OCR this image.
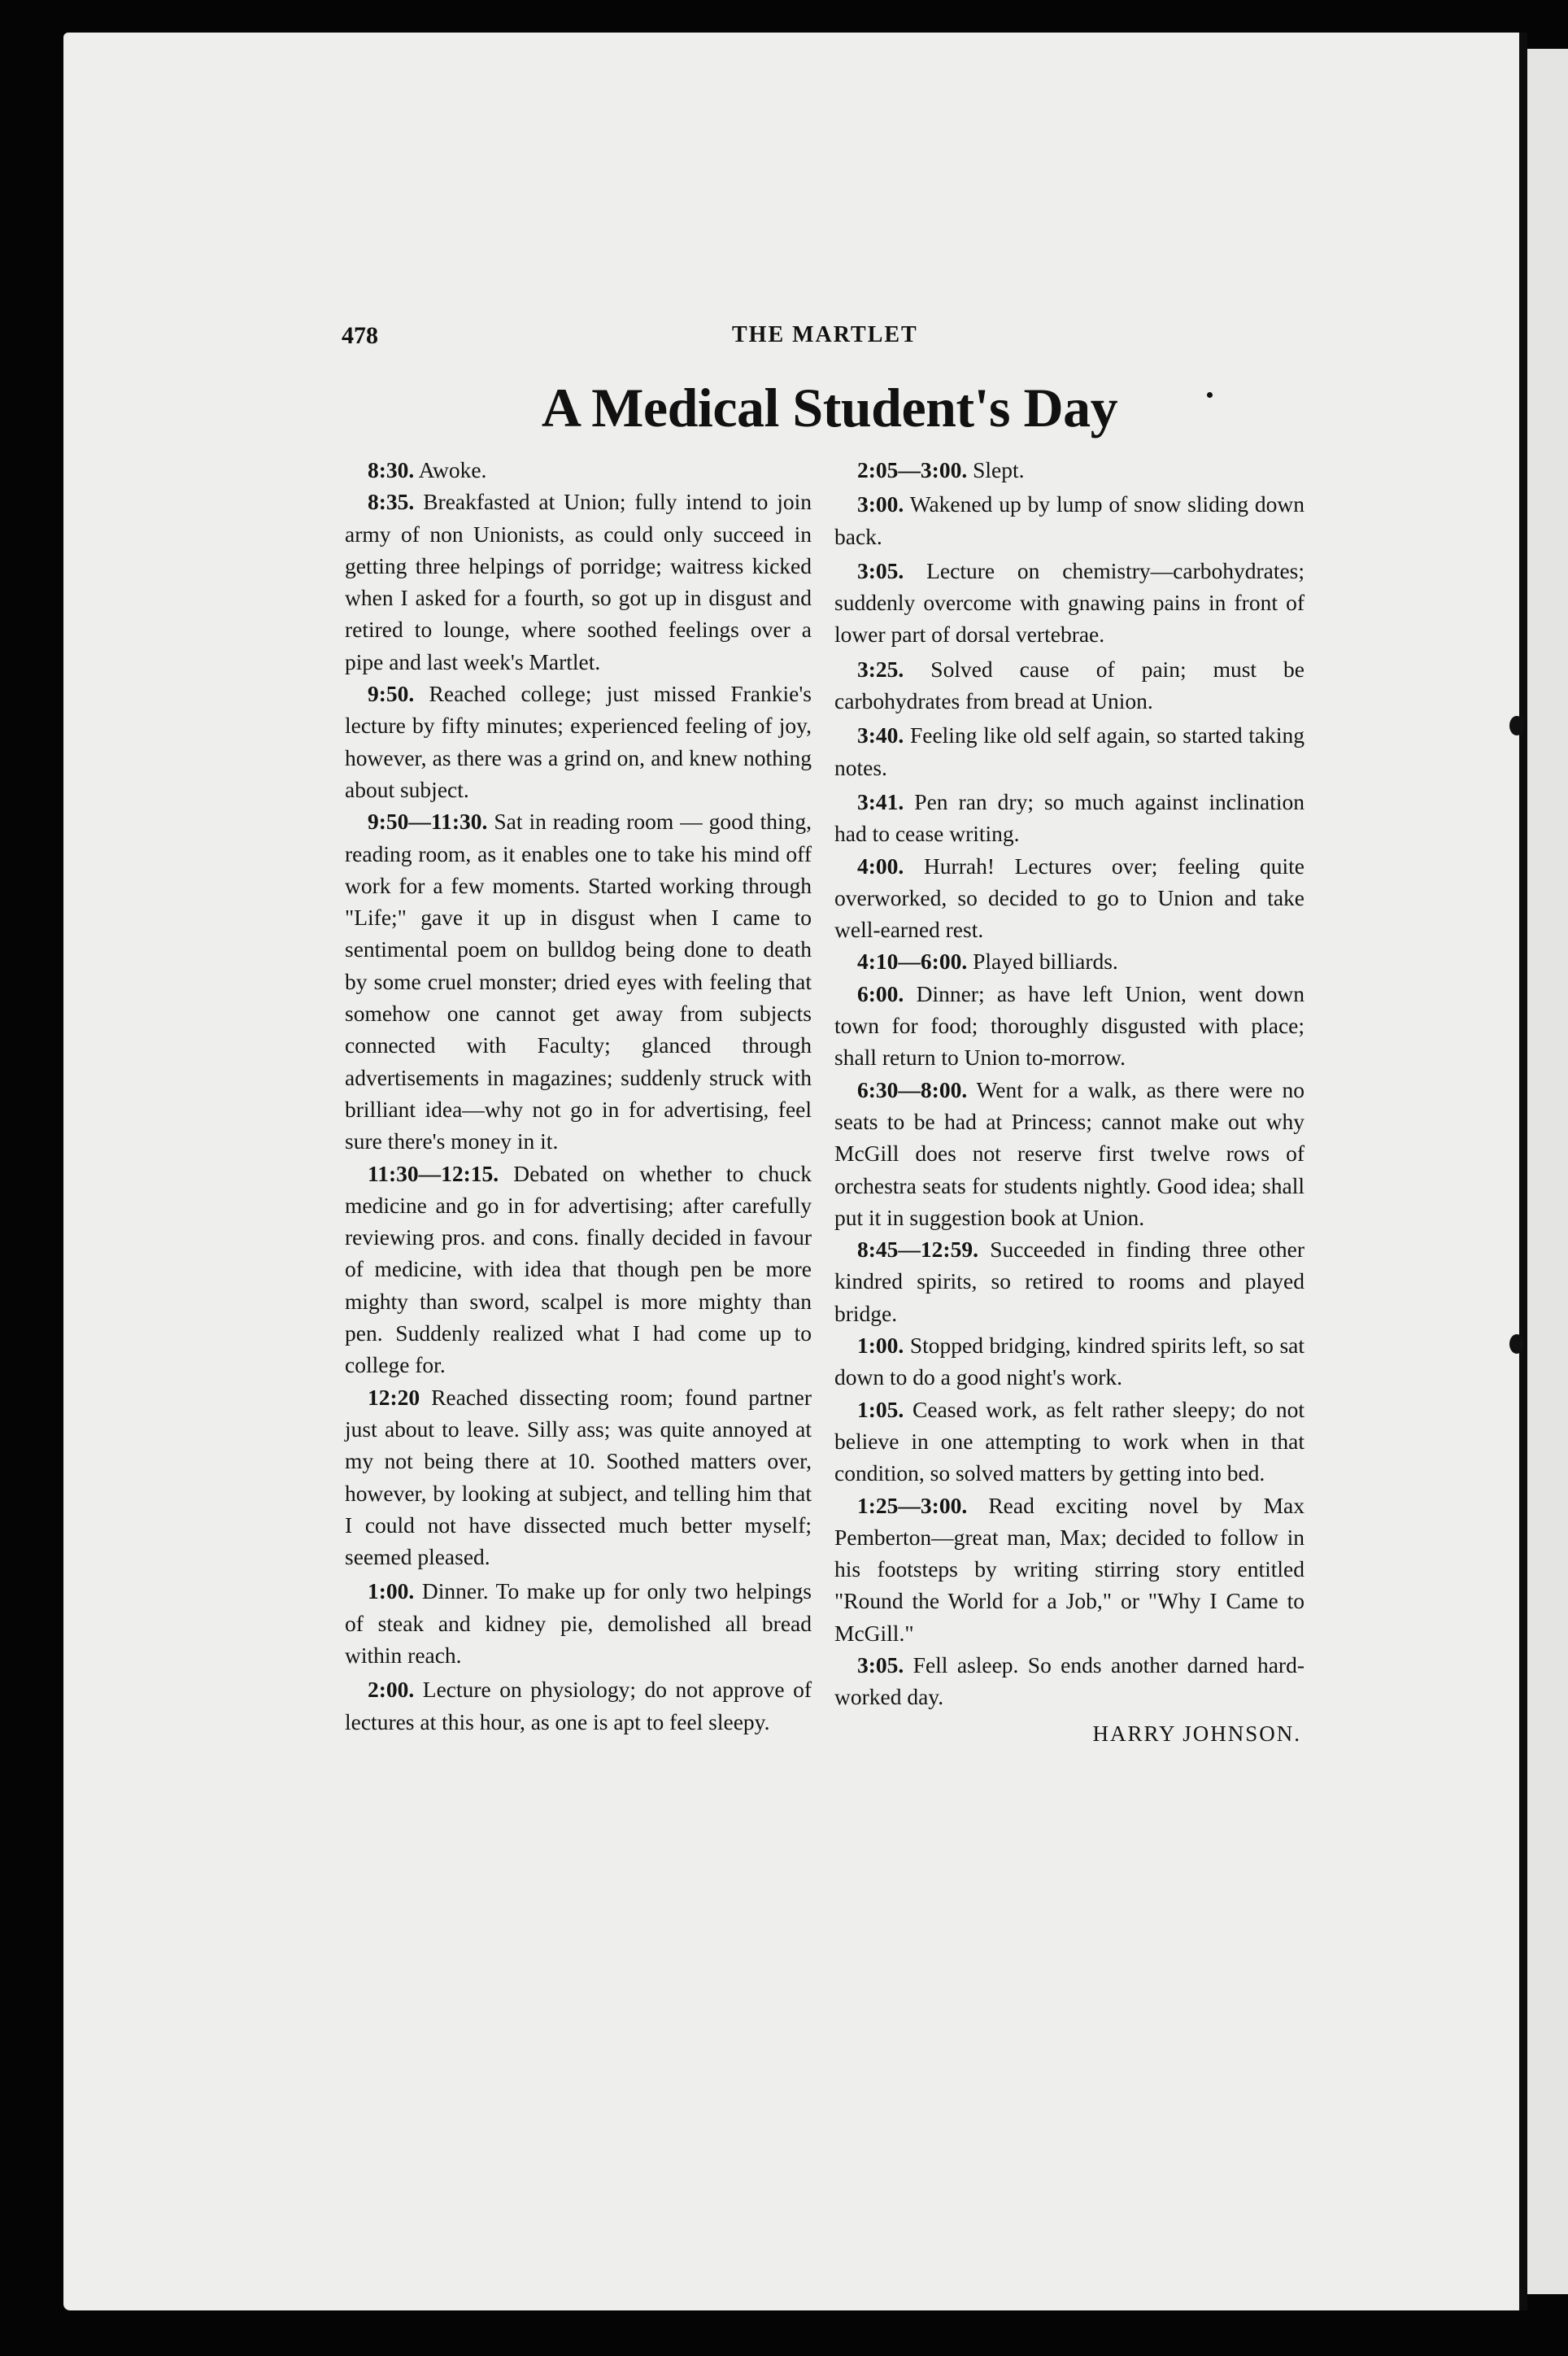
478	THE MARTLET
A Medical Student's Day

8:30. Awoke.

8:35. Breakfasted at Union; fully intend to join army of non Unionists, as could only succeed in getting three helpings of porridge; waitress kicked when I asked for a fourth, so got up in disgust and retired to lounge, where soothed feelings over a pipe and last week's Martlet.

9:50. Reached college; just missed Frankie's lecture by fifty minutes; experienced feeling of joy, however, as there was a grind on, and knew nothing about subject.

9:50—11:30. Sat in reading room — good thing, reading room, as it enables one to take his mind off work for a few moments. Started working through "Life;" gave it up in disgust when I came to sentimental poem on bulldog being done to death by some cruel monster; dried eyes with feeling that somehow one cannot get away from subjects connected with Faculty; glanced through advertisements in magazines; suddenly struck with brilliant idea—why not go in for advertising, feel sure there's money in it.

11:30—12:15. Debated on whether to chuck medicine and go in for advertising; after carefully reviewing pros. and cons. finally decided in favour of medicine, with idea that though pen be more mighty than sword, scalpel is more mighty than pen. Suddenly realized what I had come up to college for.

12:20 Reached dissecting room; found partner just about to leave. Silly ass; was quite annoyed at my not being there at 10. Soothed matters over, however, by looking at subject, and telling him that I could not have dissected much better myself; seemed pleased.

1:00. Dinner. To make up for only two helpings of steak and kidney pie, demolished all bread within reach.

2:00. Lecture on physiology; do not approve of lectures at this hour, as one is apt to feel sleepy.

2:05—3:00. Slept.

3:00. Wakened up by lump of snow sliding down back.

3:05. Lecture on chemistry—carbohydrates; suddenly overcome with gnawing pains in front of lower part of dorsal vertebrae.

3:25. Solved cause of pain; must be carbohydrates from bread at Union.

3:40. Feeling like old self again, so started taking notes.

3:41. Pen ran dry; so much against inclination had to cease writing.

4:00. Hurrah! Lectures over; feeling quite overworked, so decided to go to Union and take well-earned rest.

4:10—6:00. Played billiards.

6:00. Dinner; as have left Union, went down town for food; thoroughly disgusted with place; shall return to Union to-morrow.

6:30—8:00. Went for a walk, as there were no seats to be had at Princess; cannot make out why McGill does not reserve first twelve rows of orchestra seats for students nightly. Good idea; shall put it in suggestion book at Union.

8:45—12:59. Succeeded in finding three other kindred spirits, so retired to rooms and played bridge.

1:00. Stopped bridging, kindred spirits left, so sat down to do a good night's work.

1:05. Ceased work, as felt rather sleepy; do not believe in one attempting to work when in that condition, so solved matters by getting into bed.

1:25—3:00. Read exciting novel by Max Pemberton—great man, Max; decided to follow in his footsteps by writing stirring story entitled "Round the World for a Job," or "Why I Came to McGill."

3:05. Fell asleep. So ends another darned hard-worked day.

HARRY JOHNSON.
